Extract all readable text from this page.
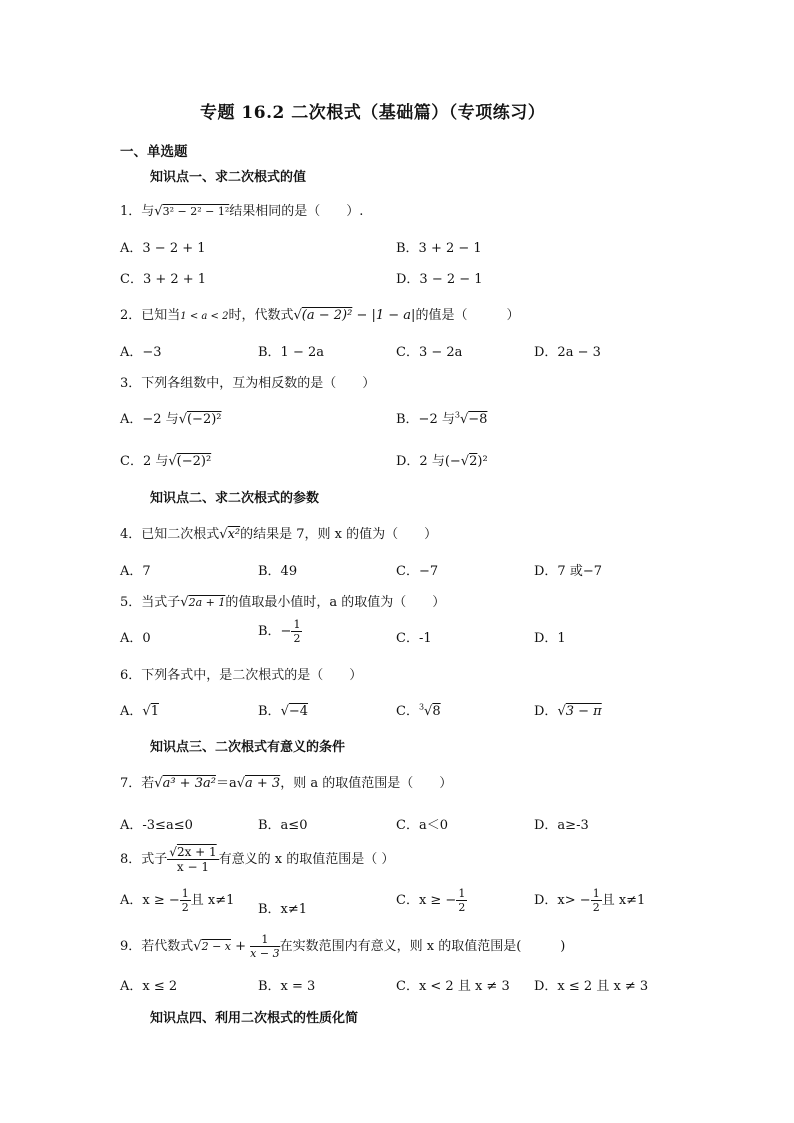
专题 16.2 二次根式（基础篇）（专项练习）
一、单选题
知识点一、求二次根式的值
1．与√3² − 2² − 1²结果相同的是（　　）.
A．3 − 2 + 1	B．3 + 2 − 1
C．3 + 2 + 1	D．3 − 2 − 1
2．已知当1 < a < 2时，代数式√(a − 2)² − |1 − a|的值是（　　　）
A．−3	B．1 − 2a	C．3 − 2a	D．2a − 3
3．下列各组数中，互为相反数的是（　　）
A．−2 与√(−2)²	B．−2 与$^3$√−8
C．2 与√(−2)²	D．2 与(−√2)²
知识点二、求二次根式的参数
4．已知二次根式√x²的结果是 7，则 x 的值为（　　）
A．7	B．49	C．−7	D．7 或−7
5．当式子√2a + 1的值取最小值时，a 的取值为（　　）
A．0	B．− $\frac{1}{2}$	C．-1	D．1
6．下列各式中，是二次根式的是（　　）
A．√1	B．√−4	C．$^3$√8	D．√3 − π
知识点三、二次根式有意义的条件
7．若√a³ + 3a²＝a√a + 3，则 a 的取值范围是（　　）
A．-3≤a≤0	B．a≤0	C．a＜0	D．a≥-3
8．式子 $\frac{√2x + 1}{x - 1}$ 有意义的 x 的取值范围是（ ）
A．x ≥ − $\frac{1}{2}$ 且 x≠1
B．x≠1
C．x ≥ − $\frac{1}{2}$	D．$x> - \frac{1}{2}$ 且 x≠1
9．若代数式$√2 - x + \frac{1}{x - 3}$ 在实数范围内有意义，则 x 的取值范围是(　　　)
A．x ≤ 2	B．x = 3	C．x < 2 且 x ≠ 3 D．x ≤ 2 且 x ≠ 3
知识点四、利用二次根式的性质化简
